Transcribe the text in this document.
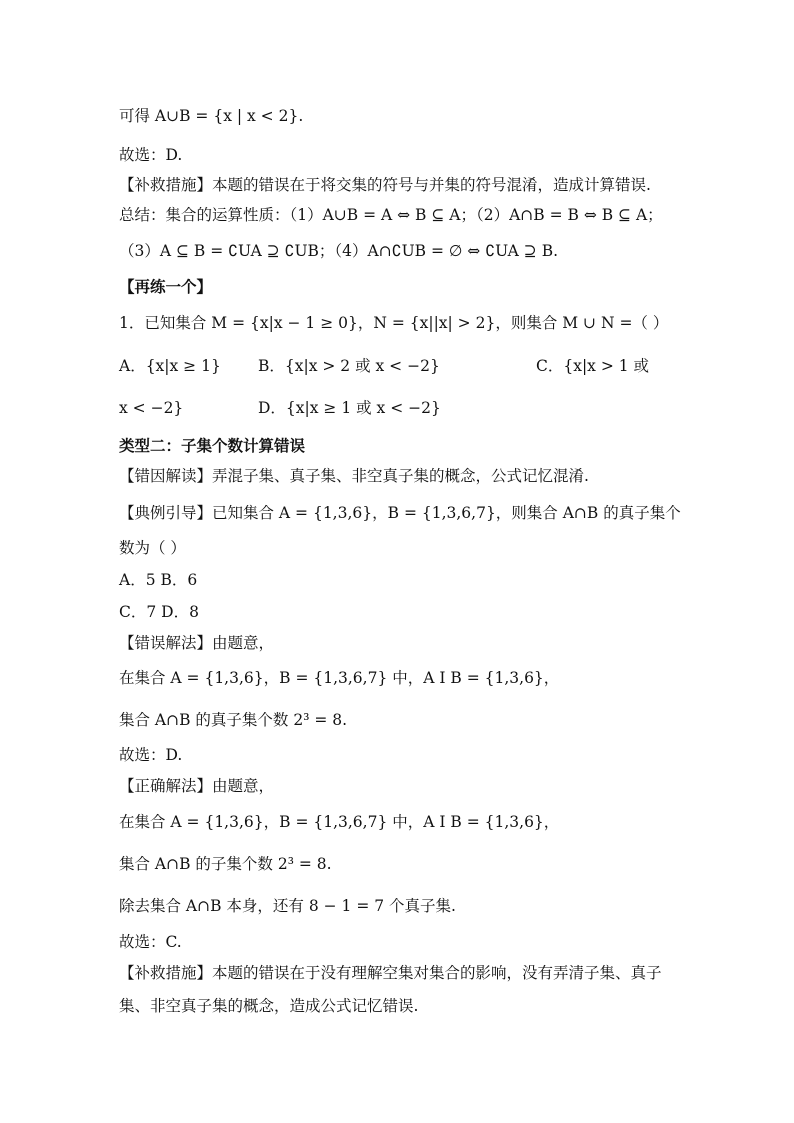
可得 A∪B = {x | x < 2}.
故选：D.
【补救措施】本题的错误在于将交集的符号与并集的符号混淆，造成计算错误.
总结：集合的运算性质：（1）A∪B = A ⇔ B ⊆ A；（2）A∩B = B ⇔ B ⊆ A；
（3）A ⊆ B = ∁UA ⊇ ∁UB；（4）A∩∁UB = ∅ ⇔ ∁UA ⊇ B.
【再练一个】
1．已知集合 M = {x|x − 1 ≥ 0}，N = {x||x| > 2}，则集合 M ∪ N =（ ）
A．{x|x ≥ 1} B．{x|x > 2 或 x < −2}	C．{x|x > 1 或
x < −2}	D．{x|x ≥ 1 或 x < −2}
类型二：子集个数计算错误
【错因解读】弄混子集、真子集、非空真子集的概念，公式记忆混淆.
【典例引导】已知集合 A = {1,3,6}，B = {1,3,6,7}，则集合 A∩B 的真子集个
数为（ ）
A．5 B．6
C．7 D．8
【错误解法】由题意，
在集合 A = {1,3,6}，B = {1,3,6,7} 中，A I B = {1,3,6}，
集合 A∩B 的真子集个数 2³ = 8.
故选：D.
【正确解法】由题意，
在集合 A = {1,3,6}，B = {1,3,6,7} 中，A I B = {1,3,6}，
集合 A∩B 的子集个数 2³ = 8.
除去集合 A∩B 本身，还有 8 − 1 = 7 个真子集.
故选：C.
【补救措施】本题的错误在于没有理解空集对集合的影响，没有弄清子集、真子
集、非空真子集的概念，造成公式记忆错误.
